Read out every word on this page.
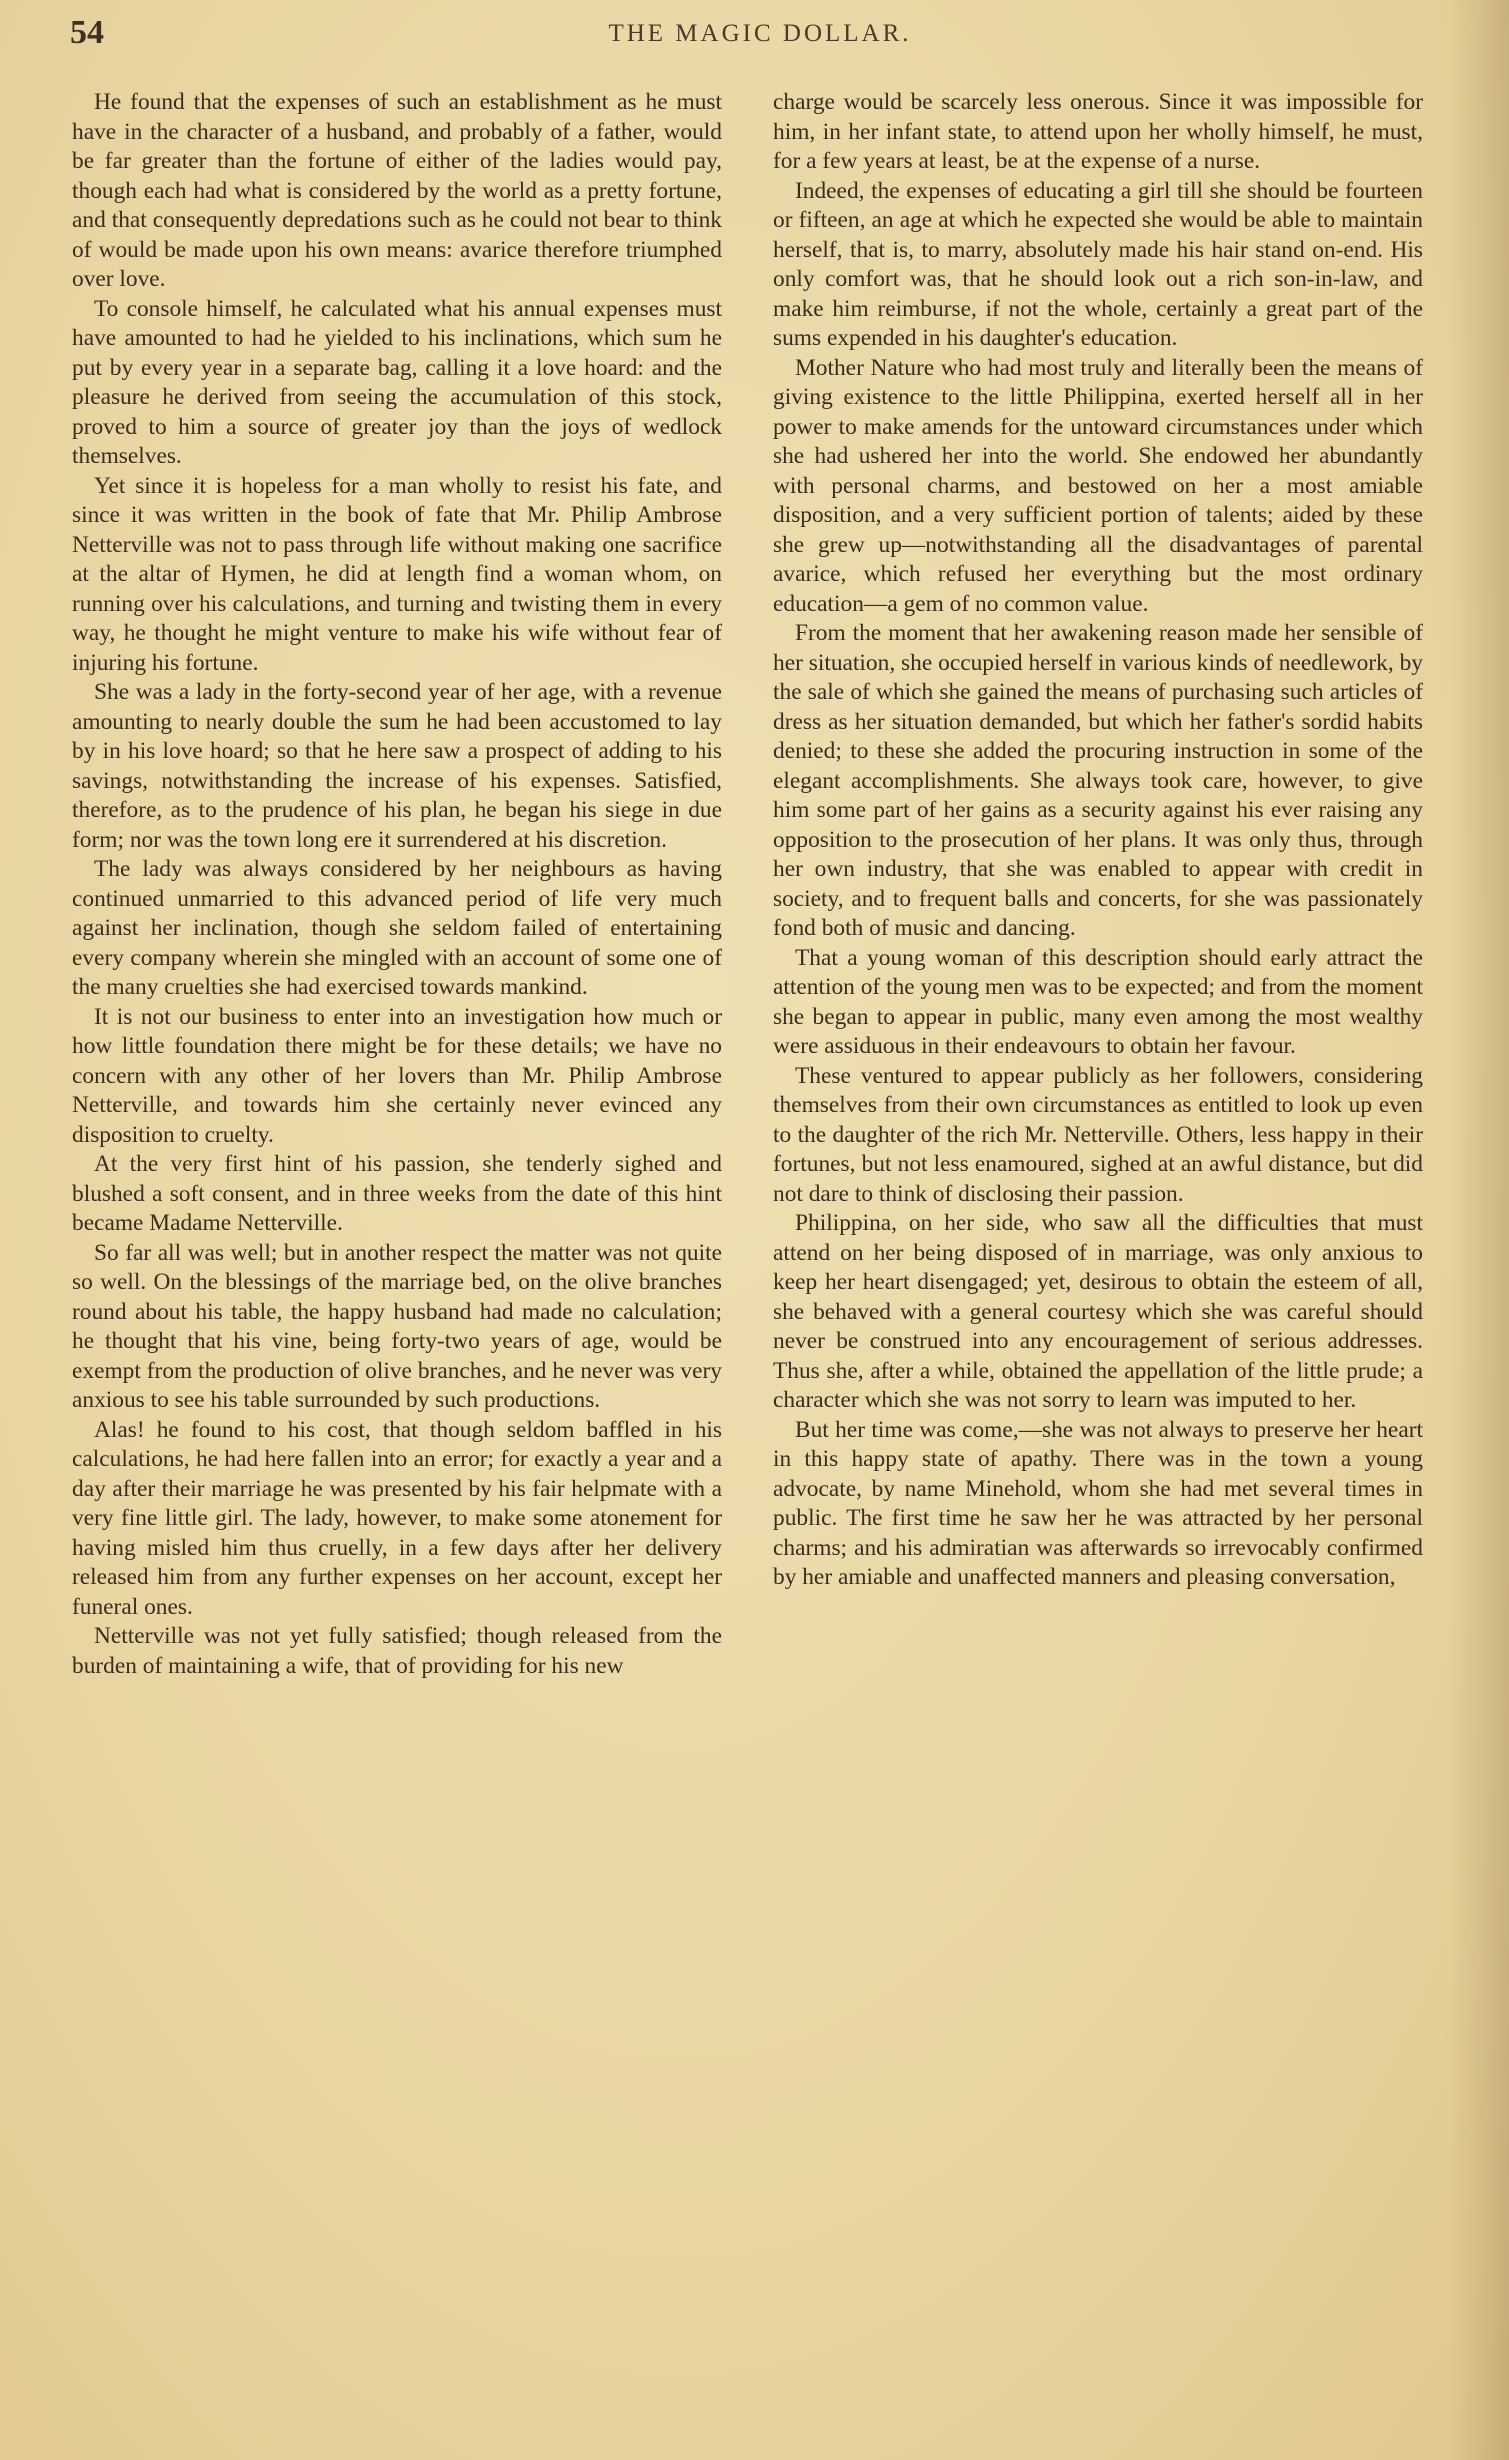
54	THE MAGIC DOLLAR.

He found that the expenses of such an establishment as he must have in the character of a husband, and probably of a father, would be far greater than the fortune of either of the ladies would pay, though each had what is considered by the world as a pretty fortune, and that consequently depredations such as he could not bear to think of would be made upon his own means: avarice therefore triumphed over love.

To console himself, he calculated what his annual expenses must have amounted to had he yielded to his inclinations, which sum he put by every year in a separate bag, calling it a love hoard: and the pleasure he derived from seeing the accumulation of this stock, proved to him a source of greater joy than the joys of wedlock themselves.

Yet since it is hopeless for a man wholly to resist his fate, and since it was written in the book of fate that Mr. Philip Ambrose Netterville was not to pass through life without making one sacrifice at the altar of Hymen, he did at length find a woman whom, on running over his calculations, and turning and twisting them in every way, he thought he might venture to make his wife without fear of injuring his fortune.

She was a lady in the forty-second year of her age, with a revenue amounting to nearly double the sum he had been accustomed to lay by in his love hoard; so that he here saw a prospect of adding to his savings, notwithstanding the increase of his expenses. Satisfied, therefore, as to the prudence of his plan, he began his siege in due form; nor was the town long ere it surrendered at his discretion.

The lady was always considered by her neighbours as having continued unmarried to this advanced period of life very much against her inclination, though she seldom failed of entertaining every company wherein she mingled with an account of some one of the many cruelties she had exercised towards mankind.

It is not our business to enter into an investigation how much or how little foundation there might be for these details; we have no concern with any other of her lovers than Mr. Philip Ambrose Netterville, and towards him she certainly never evinced any disposition to cruelty.

At the very first hint of his passion, she tenderly sighed and blushed a soft consent, and in three weeks from the date of this hint became Madame Netterville.

So far all was well; but in another respect the matter was not quite so well. On the blessings of the marriage bed, on the olive branches round about his table, the happy husband had made no calculation; he thought that his vine, being forty-two years of age, would be exempt from the production of olive branches, and he never was very anxious to see his table surrounded by such productions.

Alas! he found to his cost, that though seldom baffled in his calculations, he had here fallen into an error; for exactly a year and a day after their marriage he was presented by his fair helpmate with a very fine little girl. The lady, however, to make some atonement for having misled him thus cruelly, in a few days after her delivery released him from any further expenses on her account, except her funeral ones.

Netterville was not yet fully satisfied; though released from the burden of maintaining a wife, that of providing for his new

charge would be scarcely less onerous. Since it was impossible for him, in her infant state, to attend upon her wholly himself, he must, for a few years at least, be at the expense of a nurse.

Indeed, the expenses of educating a girl till she should be fourteen or fifteen, an age at which he expected she would be able to maintain herself, that is, to marry, absolutely made his hair stand on-end. His only comfort was, that he should look out a rich son-in-law, and make him reimburse, if not the whole, certainly a great part of the sums expended in his daughter's education.

Mother Nature who had most truly and literally been the means of giving existence to the little Philippina, exerted herself all in her power to make amends for the untoward circumstances under which she had ushered her into the world. She endowed her abundantly with personal charms, and bestowed on her a most amiable disposition, and a very sufficient portion of talents; aided by these she grew up—notwithstanding all the disadvantages of parental avarice, which refused her everything but the most ordinary education—a gem of no common value.

From the moment that her awakening reason made her sensible of her situation, she occupied herself in various kinds of needlework, by the sale of which she gained the means of purchasing such articles of dress as her situation demanded, but which her father's sordid habits denied; to these she added the procuring instruction in some of the elegant accomplishments. She always took care, however, to give him some part of her gains as a security against his ever raising any opposition to the prosecution of her plans. It was only thus, through her own industry, that she was enabled to appear with credit in society, and to frequent balls and concerts, for she was passionately fond both of music and dancing.

That a young woman of this description should early attract the attention of the young men was to be expected; and from the moment she began to appear in public, many even among the most wealthy were assiduous in their endeavours to obtain her favour.

These ventured to appear publicly as her followers, considering themselves from their own circumstances as entitled to look up even to the daughter of the rich Mr. Netterville. Others, less happy in their fortunes, but not less enamoured, sighed at an awful distance, but did not dare to think of disclosing their passion.

Philippina, on her side, who saw all the difficulties that must attend on her being disposed of in marriage, was only anxious to keep her heart disengaged; yet, desirous to obtain the esteem of all, she behaved with a general courtesy which she was careful should never be construed into any encouragement of serious addresses. Thus she, after a while, obtained the appellation of the little prude; a character which she was not sorry to learn was imputed to her.

But her time was come,—she was not always to preserve her heart in this happy state of apathy. There was in the town a young advocate, by name Minehold, whom she had met several times in public. The first time he saw her he was attracted by her personal charms; and his admiratian was afterwards so irrevocably confirmed by her amiable and unaffected manners and pleasing conversation,
